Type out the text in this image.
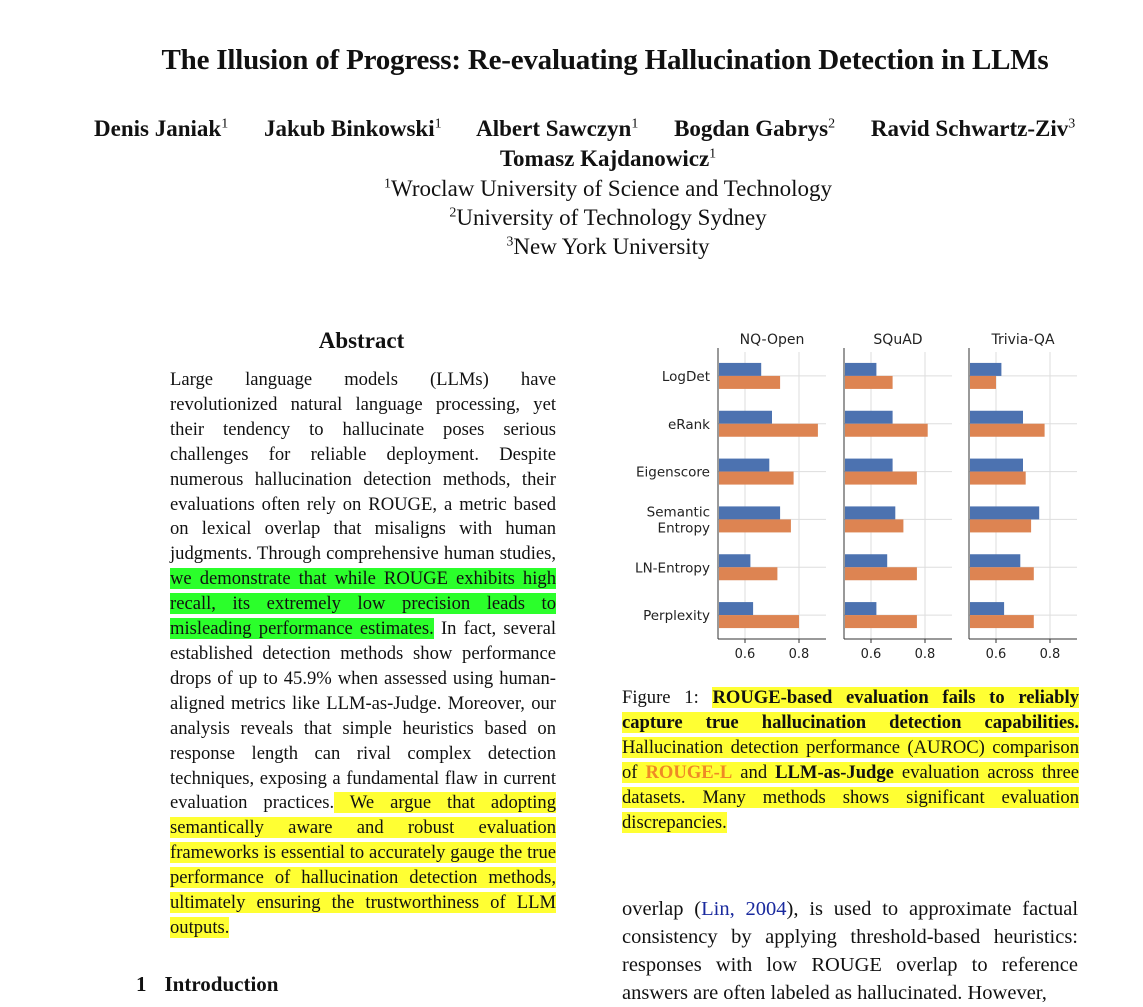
The Illusion of Progress: Re-evaluating Hallucination Detection in LLMs
Denis Janiak$^1$ Jakub Binkowski$^1$ Albert Sawczyn$^1$ Bogdan Gabrys$^2$ Ravid Schwartz-Ziv$^3$
Tomasz Kajdanowicz$^1$
$^1$Wroclaw University of Science and Technology
$^2$University of Technology Sydney
$^3$New York University
Abstract
Large language models (LLMs) have revolutionized natural language processing, yet their tendency to hallucinate poses serious challenges for reliable deployment. Despite numerous hallucination detection methods, their evaluations often rely on ROUGE, a metric based on lexical overlap that misaligns with human judgments. Through comprehensive human studies, we demonstrate that while ROUGE exhibits high recall, its extremely low precision leads to misleading performance estimates. In fact, several established detection methods show performance drops of up to 45.9% when assessed using human-aligned metrics like LLM-as-Judge. Moreover, our analysis reveals that simple heuristics based on response length can rival complex detection techniques, exposing a fundamental flaw in current evaluation practices. We argue that adopting semantically aware and robust evaluation frameworks is essential to accurately gauge the true performance of hallucination detection methods, ultimately ensuring the trustworthiness of LLM outputs.
1 Introduction
NQ-Open
0.6	0.8
SQuAD
0.6	0.8
Trivia-QA
0.6	0.8
LogDet
eRank
Eigenscore
Semantic
Entropy
LN-Entropy
Perplexity
Figure 1: ROUGE-based evaluation fails to reliably capture true hallucination detection capabilities. Hallucination detection performance (AUROC) comparison of ROUGE-L and LLM-as-Judge evaluation across three datasets. Many methods shows significant evaluation discrepancies.
overlap (Lin, 2004), is used to approximate factual consistency by applying threshold-based heuristics: responses with low ROUGE overlap to reference answers are often labeled as hallucinated. However,
